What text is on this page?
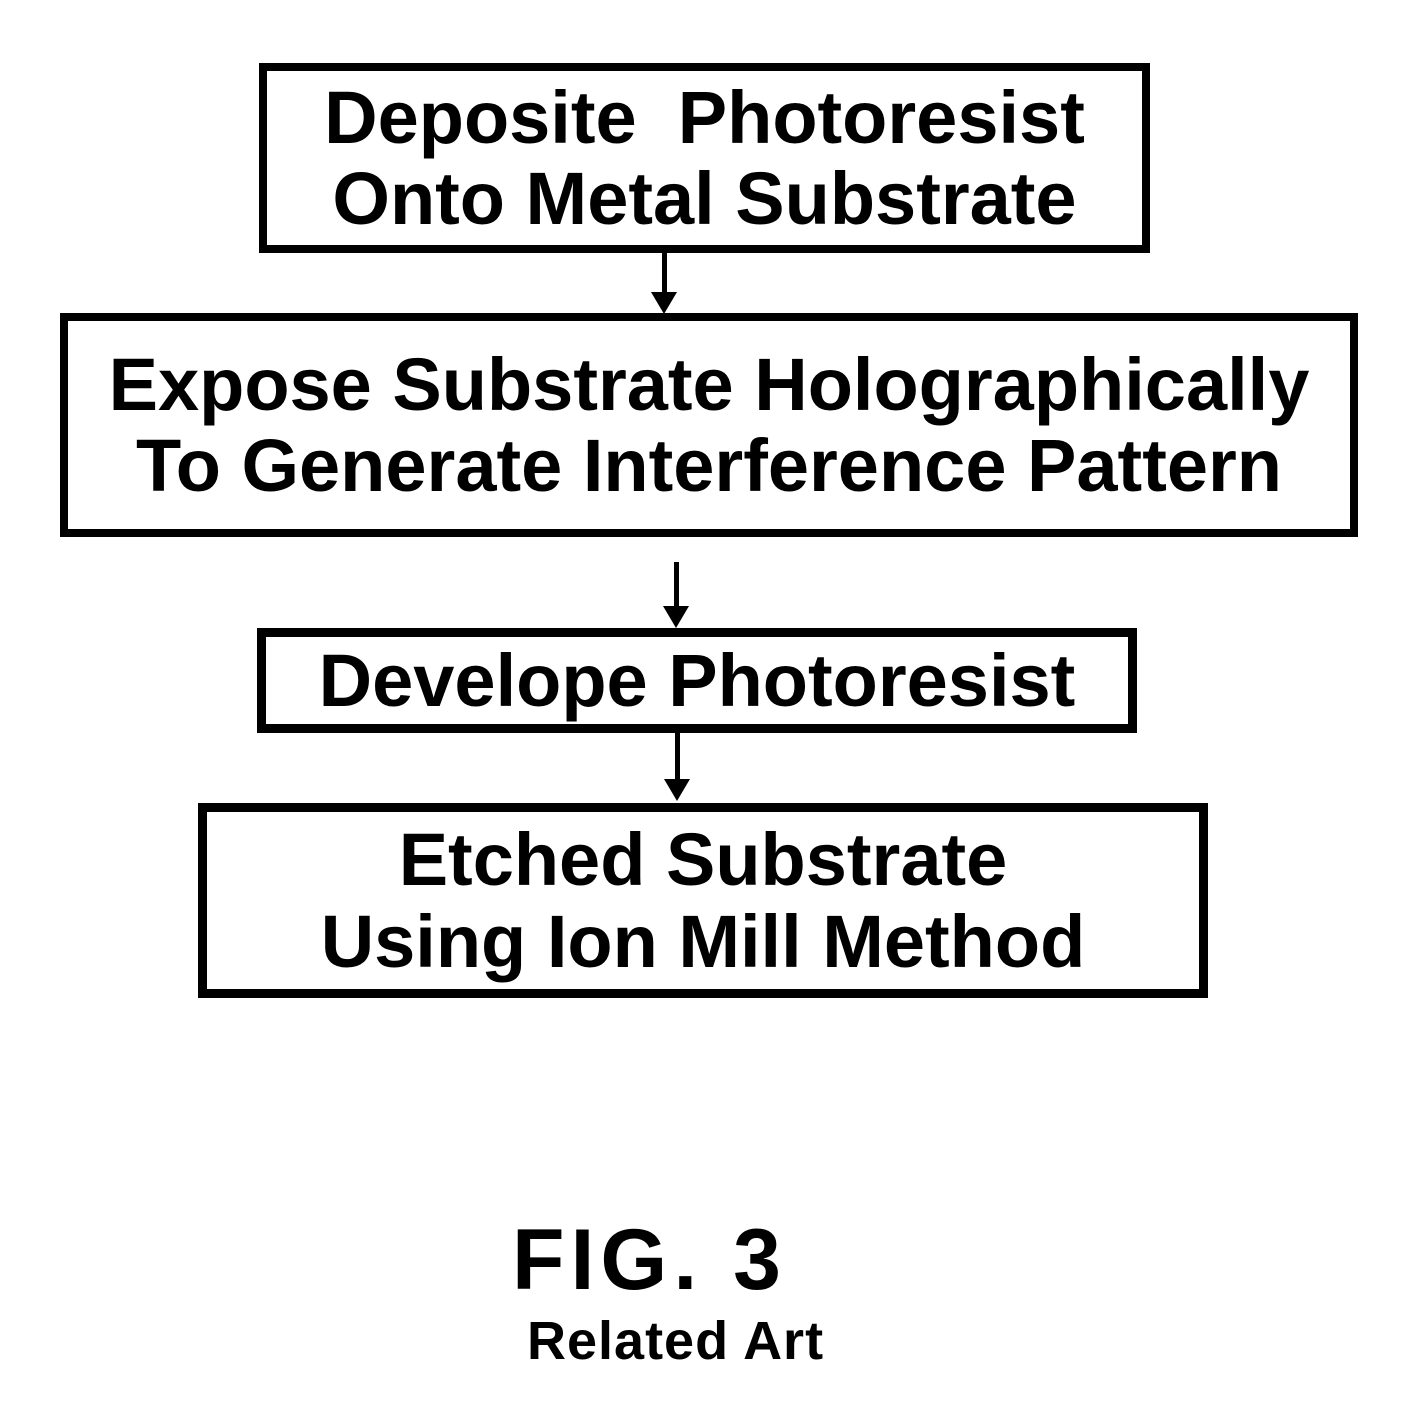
Deposite  Photoresist
Onto Metal Substrate
Expose Substrate Holographically
To Generate Interference Pattern
Develope Photoresist
Etched Substrate
Using Ion Mill Method
FIG. 3
Related Art
